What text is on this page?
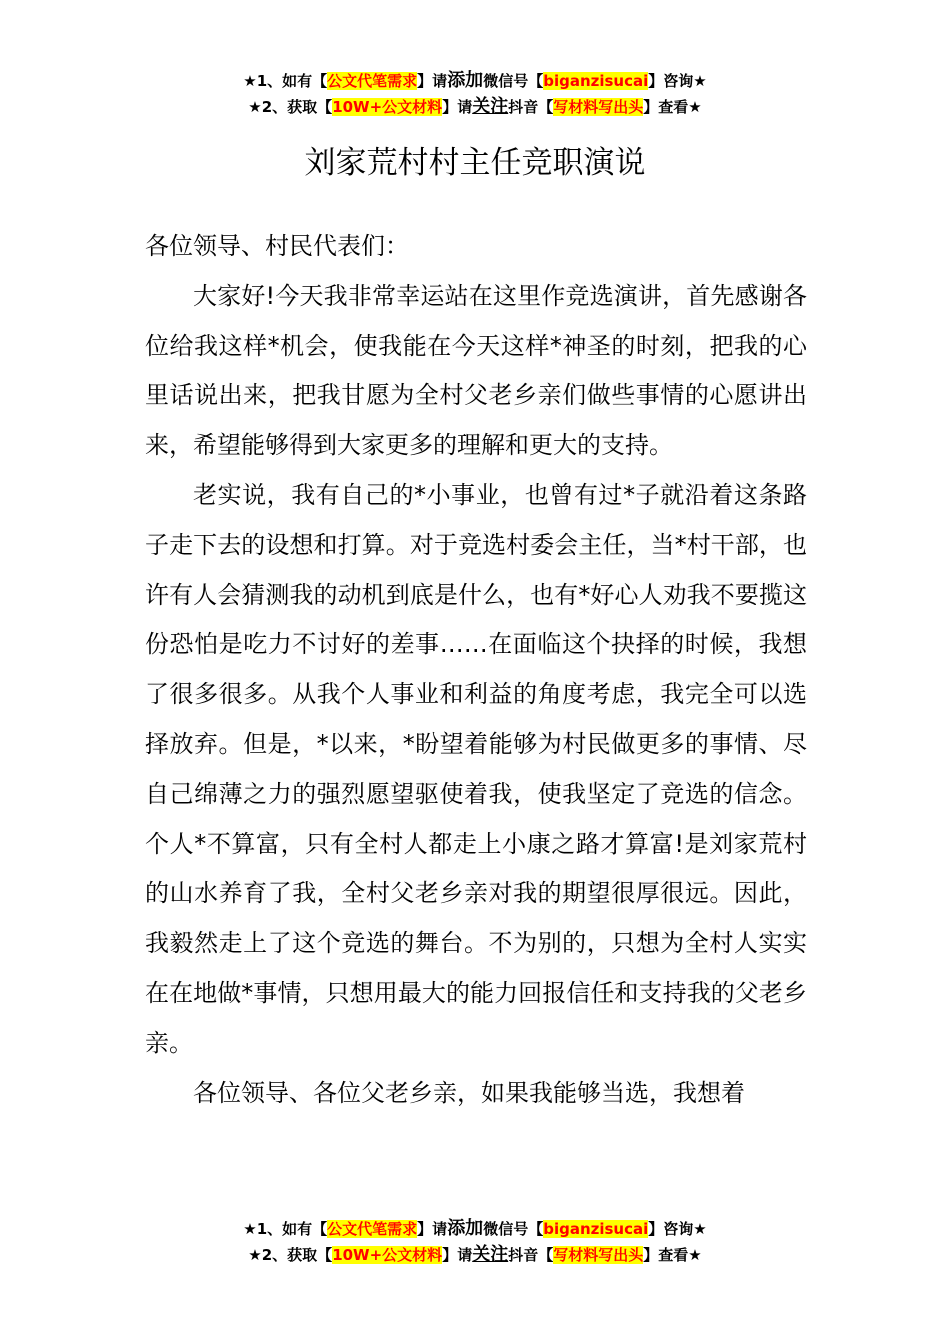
★1、如有【公文代笔需求】请添加微信号【biganzisucai】咨询★
★2、获取【10W+公文材料】请关注抖音【写材料写出头】查看★
刘家荒村村主任竞职演说

各位领导、村民代表们：

大家好!今天我非常幸运站在这里作竞选演讲，首先感谢各位给我这样*机会，使我能在今天这样*神圣的时刻，把我的心里话说出来，把我甘愿为全村父老乡亲们做些事情的心愿讲出来，希望能够得到大家更多的理解和更大的支持。

老实说，我有自己的*小事业，也曾有过*子就沿着这条路子走下去的设想和打算。对于竞选村委会主任，当*村干部，也许有人会猜测我的动机到底是什么，也有*好心人劝我不要揽这份恐怕是吃力不讨好的差事……在面临这个抉择的时候，我想了很多很多。从我个人事业和利益的角度考虑，我完全可以选择放弃。但是，*以来，*盼望着能够为村民做更多的事情、尽自己绵薄之力的强烈愿望驱使着我，使我坚定了竞选的信念。个人*不算富，只有全村人都走上小康之路才算富!是刘家荒村的山水养育了我，全村父老乡亲对我的期望很厚很远。因此，我毅然走上了这个竞选的舞台。不为别的，只想为全村人实实在在地做*事情，只想用最大的能力回报信任和支持我的父老乡亲。

各位领导、各位父老乡亲，如果我能够当选，我想着

★1、如有【公文代笔需求】请添加微信号【biganzisucai】咨询★
★2、获取【10W+公文材料】请关注抖音【写材料写出头】查看★
